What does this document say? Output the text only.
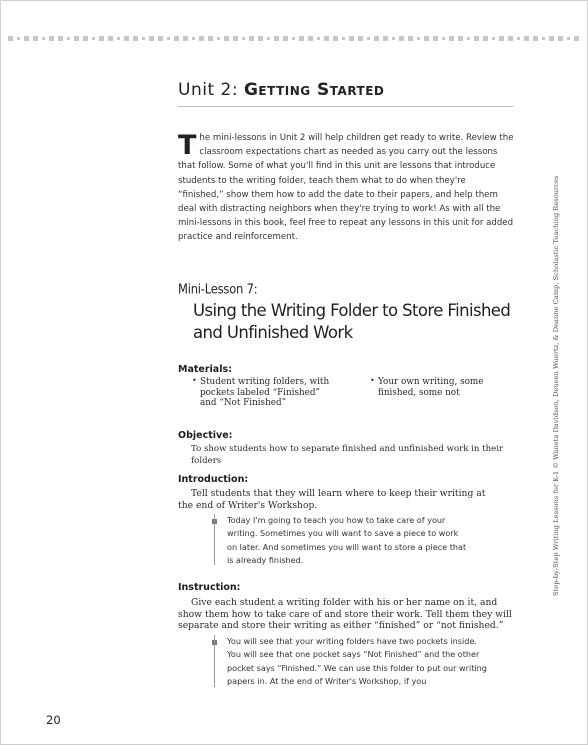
Unit 2: Getting Started
The mini-lessons in Unit 2 will help children get ready to write. Review the classroom expectations chart as needed as you carry out the lessons that follow. Some of what you'll find in this unit are lessons that introduce students to the writing folder, teach them what to do when they're “finished,” show them how to add the date to their papers, and help them deal with distracting neighbors when they're trying to work! As with all the mini-lessons in this book, feel free to repeat any lessons in this unit for added practice and reinforcement.
Mini-Lesson 7:
Using the Writing Folder to Store Finished and Unfinished Work
Materials:
• Student writing folders, with pockets labeled “Finished” and “Not Finished”
• Your own writing, some finished, some not
Objective:
To show students how to separate finished and unfinished work in their folders
Introduction:
Tell students that they will learn where to keep their writing at the end of Writer's Workshop.
Today I'm going to teach you how to take care of your writing. Sometimes you will want to save a piece to work on later. And sometimes you will want to store a piece that is already finished.
Instruction:
Give each student a writing folder with his or her name on it, and show them how to take care of and store their work. Tell them they will separate and store their writing as either “finished” or “not finished.”
You will see that your writing folders have two pockets inside. You will see that one pocket says “Not Finished” and the other pocket says “Finished.” We can use this folder to put our writing papers in. At the end of Writer's Workshop, if you
Step-by-Step Writing Lessons for K-1 © Waneta Davidson, Deneen Wuertz, & Deanne Camp, Scholastic Teaching Resources
20
